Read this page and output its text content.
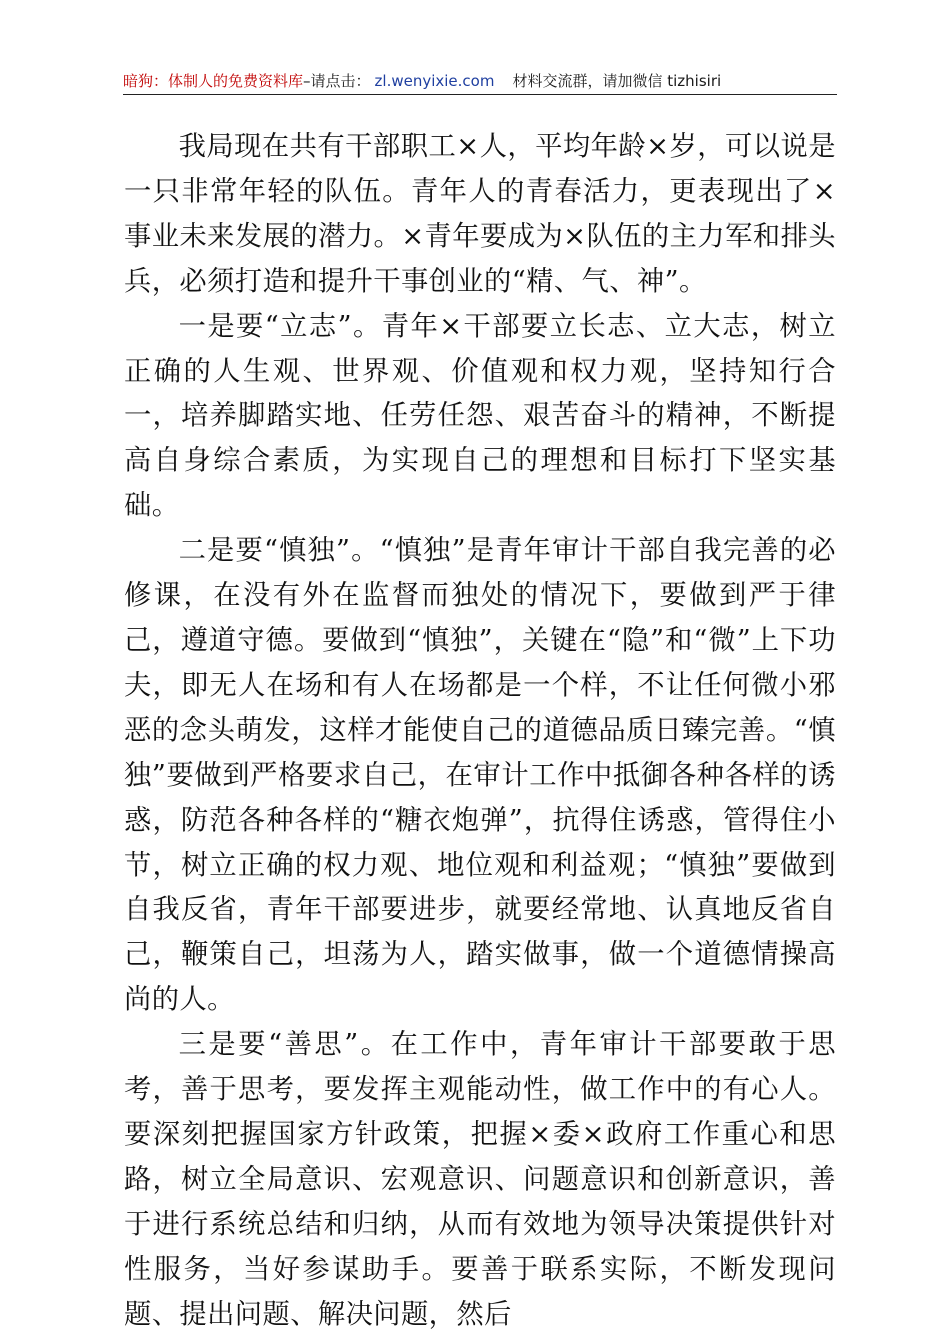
暗狗：体制人的免费资料库–请点击： zl.wenyixie.com 材料交流群，请加微信 tizhisiri

我局现在共有干部职工×人，平均年龄×岁，可以说是一只非常年轻的队伍。青年人的青春活力，更表现出了×事业未来发展的潜力。×青年要成为×队伍的主力军和排头兵，必须打造和提升干事创业的“精、气、神”。

一是要“立志”。青年×干部要立长志、立大志，树立正确的人生观、世界观、价值观和权力观，坚持知行合一，培养脚踏实地、任劳任怨、艰苦奋斗的精神，不断提高自身综合素质，为实现自己的理想和目标打下坚实基础。

二是要“慎独”。“慎独”是青年审计干部自我完善的必修课，在没有外在监督而独处的情况下，要做到严于律己，遵道守德。要做到“慎独”，关键在“隐”和“微”上下功夫，即无人在场和有人在场都是一个样，不让任何微小邪恶的念头萌发，这样才能使自己的道德品质日臻完善。“慎独”要做到严格要求自己，在审计工作中抵御各种各样的诱惑，防范各种各样的“糖衣炮弹”，抗得住诱惑，管得住小节，树立正确的权力观、地位观和利益观；“慎独”要做到自我反省，青年干部要进步，就要经常地、认真地反省自己，鞭策自己，坦荡为人，踏实做事，做一个道德情操高尚的人。

三是要“善思”。在工作中，青年审计干部要敢于思考，善于思考，要发挥主观能动性，做工作中的有心人。要深刻把握国家方针政策，把握×委×政府工作重心和思路，树立全局意识、宏观意识、问题意识和创新意识，善于进行系统总结和归纳，从而有效地为领导决策提供针对性服务，当好参谋助手。要善于联系实际，不断发现问题、提出问题、解决问题，然后
